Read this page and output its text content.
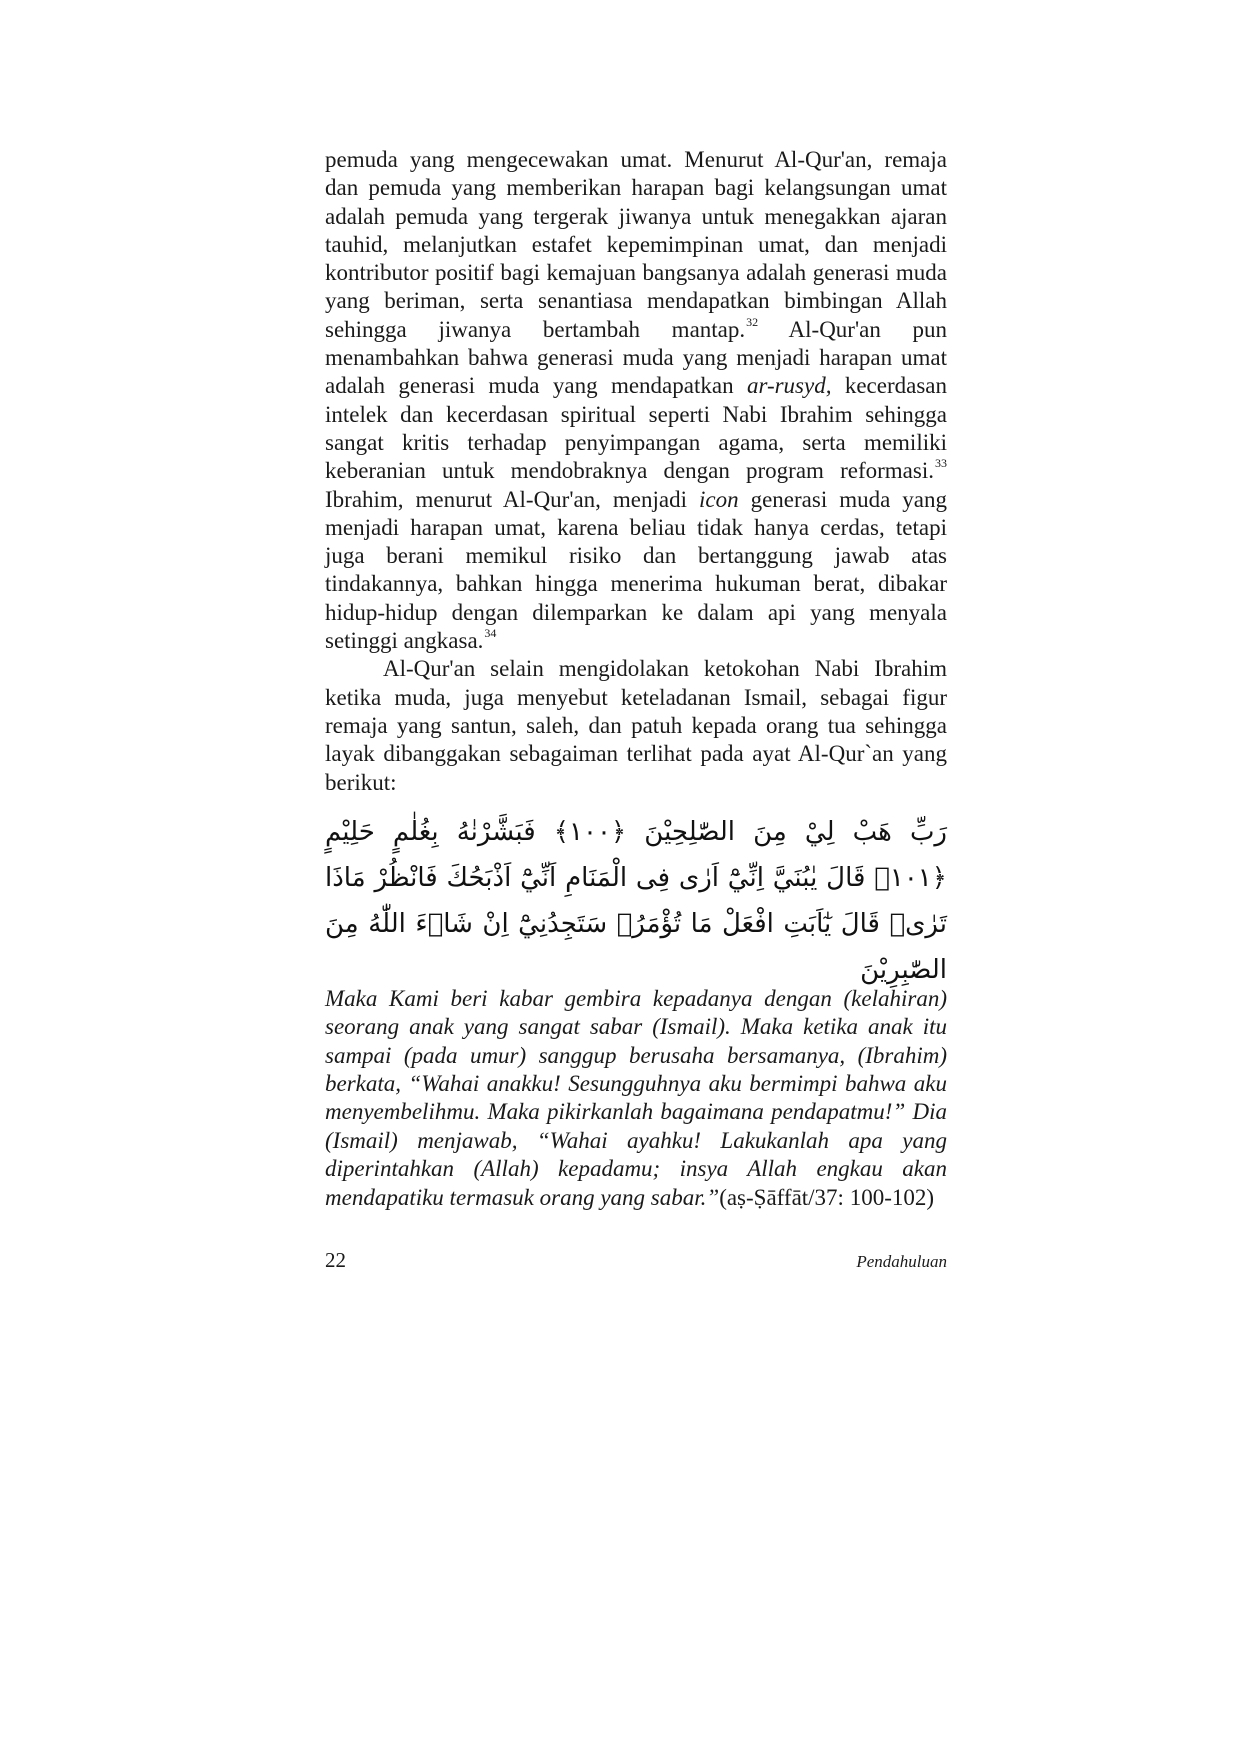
pemuda yang mengecewakan umat. Menurut Al-Qur'an, remaja dan pemuda yang memberikan harapan bagi kelangsungan umat adalah pemuda yang tergerak jiwanya untuk menegakkan ajaran tauhid, melanjutkan estafet kepemimpinan umat, dan menjadi kontributor positif bagi kemajuan bangsanya adalah generasi muda yang beriman, serta senantiasa mendapatkan bimbingan Allah sehingga jiwanya bertambah mantap.$^{32}$ Al-Qur'an pun menambahkan bahwa generasi muda yang menjadi harapan umat adalah generasi muda yang mendapatkan ar-rusyd, kecerdasan intelek dan kecerdasan spiritual seperti Nabi Ibrahim sehingga sangat kritis terhadap penyimpangan agama, serta memiliki keberanian untuk mendobraknya dengan program reformasi.$^{33}$ Ibrahim, menurut Al-Qur'an, menjadi icon generasi muda yang menjadi harapan umat, karena beliau tidak hanya cerdas, tetapi juga berani memikul risiko dan bertanggung jawab atas tindakannya, bahkan hingga menerima hukuman berat, dibakar hidup-hidup dengan dilemparkan ke dalam api yang menyala setinggi angkasa.$^{34}$

Al-Qur'an selain mengidolakan ketokohan Nabi Ibrahim ketika muda, juga menyebut keteladanan Ismail, sebagai figur remaja yang santun, saleh, dan patuh kepada orang tua sehingga layak dibanggakan sebagaiman terlihat pada ayat Al-Qur`an yang berikut:

رَبِّ هَبْ لِيْ مِنَ الصّٰلِحِيْنَ ﴿١٠٠﴾ فَبَشَّرْنٰهُ بِغُلٰمٍ حَلِيْمٍ ﴿١٠١﴾ قَالَ يٰبُنَيَّ اِنِّيْٓ اَرٰى فِى الْمَنَامِ اَنِّيْٓ اَذْبَحُكَ فَانْظُرْ مَاذَا تَرٰىۗ قَالَ يٰٓاَبَتِ افْعَلْ مَا تُؤْمَرُۖ سَتَجِدُنِيْٓ اِنْ شَاۤءَ اللّٰهُ مِنَ الصّٰبِرِيْنَ

Maka Kami beri kabar gembira kepadanya dengan (kelahiran) seorang anak yang sangat sabar (Ismail). Maka ketika anak itu sampai (pada umur) sanggup berusaha bersamanya, (Ibrahim) berkata, “Wahai anakku! Sesungguhnya aku bermimpi bahwa aku menyembelihmu. Maka pikirkanlah bagaimana pendapatmu!” Dia (Ismail) menjawab, “Wahai ayahku! Lakukanlah apa yang diperintahkan (Allah) kepadamu; insya Allah engkau akan mendapatiku termasuk orang yang sabar.”(aṣ-Ṣāffāt/37: 100-102)

22	Pendahuluan
